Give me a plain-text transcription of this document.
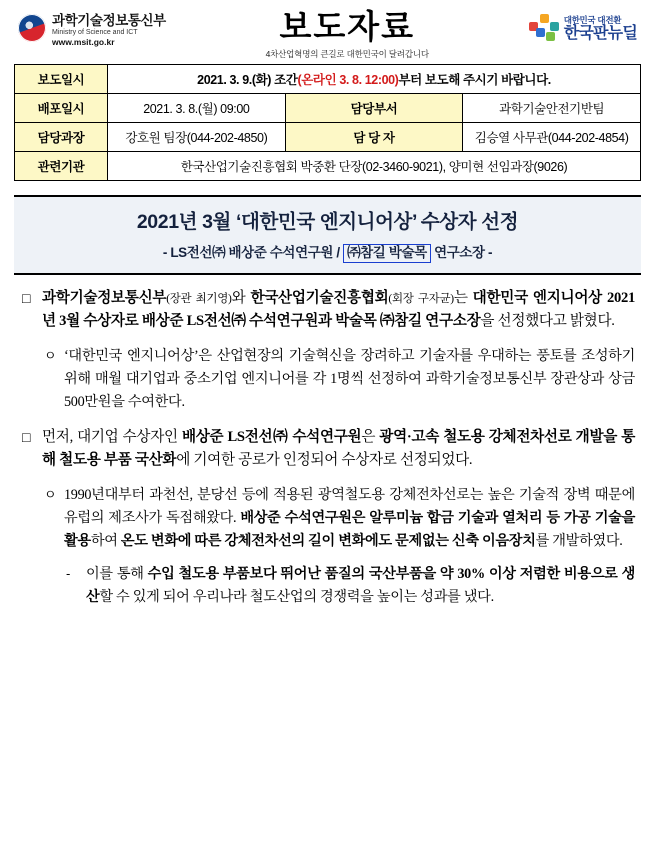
과학기술정보통신부
Ministry of Science and ICT
www.msit.go.kr	보도자료
4차산업혁명의 큰길로 대한민국이 달려갑니다
대한민국 대전환
한국판뉴딜
보도일시	2021. 3. 9.(화) 조간(온라인 3. 8. 12:00)부터 보도해 주시기 바랍니다.		
배포일시	2021. 3. 8.(월) 09:00	담당부서	과학기술안전기반팀
담당과장	강호원 팀장(044-202-4850)	담 당 자	김승열 사무관(044-202-4854)
관련기관	한국산업기술진흥협회 박중환 단장(02-3460-9021), 양미현 선임과장(9026)		
2021년 3월 ‘대한민국 엔지니어상’ 수상자 선정
- LS전선㈜ 배상준 수석연구원 / ㈜참길 박술목 연구소장 -
□ 과학기술정보통신부(장관 최기영)와 한국산업기술진흥협회(회장 구자균)는 대한민국 엔지니어상 2021년 3월 수상자로 배상준 LS전선㈜ 수석연구원과 박술목 ㈜참길 연구소장을 선정했다고 밝혔다.
ㅇ ‘대한민국 엔지니어상’은 산업현장의 기술혁신을 장려하고 기술자를 우대하는 풍토를 조성하기 위해 매월 대기업과 중소기업 엔지니어를 각 1명씩 선정하여 과학기술정보통신부 장관상과 상금 500만원을 수여한다.
□ 먼저, 대기업 수상자인 배상준 LS전선㈜ 수석연구원은 광역·고속 철도용 강체전차선로 개발을 통해 철도용 부품 국산화에 기여한 공로가 인정되어 수상자로 선정되었다.
ㅇ 1990년대부터 과천선, 분당선 등에 적용된 광역철도용 강체전차선로는 높은 기술적 장벽 때문에 유럽의 제조사가 독점해왔다. 배상준 수석연구원은 알루미늄 합금 기술과 열처리 등 가공 기술을 활용하여 온도 변화에 따른 강체전차선의 길이 변화에도 문제없는 신축 이음장치를 개발하였다.
-	이를 통해 수입 철도용 부품보다 뛰어난 품질의 국산부품을 약 30% 이상 저렴한 비용으로 생산할 수 있게 되어 우리나라 철도산업의 경쟁력을 높이는 성과를 냈다.
